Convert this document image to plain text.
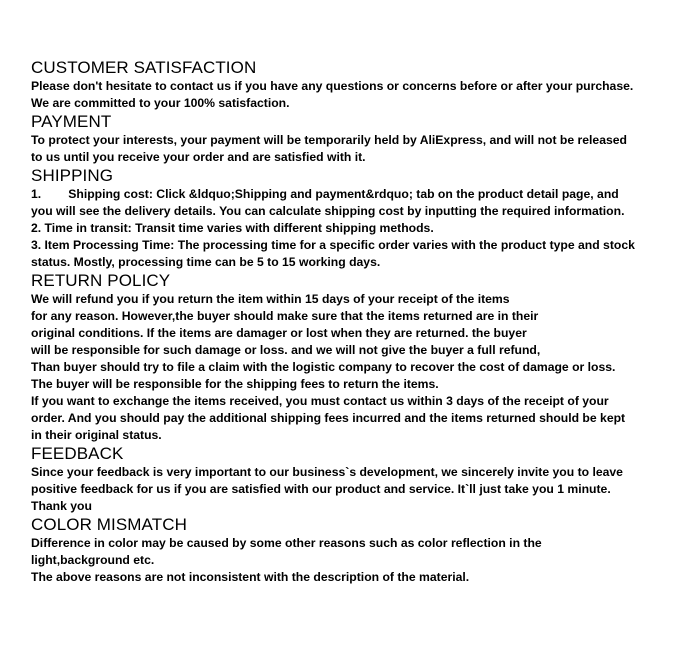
CUSTOMER SATISFACTION
Please don't hesitate to contact us if you have any questions or concerns before or after your purchase.
We are committed to your 100% satisfaction.
PAYMENT
To protect your interests, your payment will be temporarily held by AliExpress, and will not be released
to us until you receive your order and are satisfied with it.
SHIPPING
1.        Shipping cost: Click &ldquo;Shipping and payment&rdquo; tab on the product detail page, and
you will see the delivery details. You can calculate shipping cost by inputting the required information.
2. Time in transit: Transit time varies with different shipping methods.
3. Item Processing Time: The processing time for a specific order varies with the product type and stock
status. Mostly, processing time can be 5 to 15 working days.
RETURN POLICY
We will refund you if you return the item within 15 days of your receipt of the items
for any reason. However,the buyer should make sure that the items returned are in their
original conditions. If the items are damager or lost when they are returned. the buyer
will be responsible for such damage or loss. and we will not give the buyer a full refund,
Than buyer should try to file a claim with the logistic company to recover the cost of damage or loss.
The buyer will be responsible for the shipping fees to return the items.
If you want to exchange the items received, you must contact us within 3 days of the receipt of your
order. And you should pay the additional shipping fees incurred and the items returned should be kept
in their original status.
FEEDBACK
Since your feedback is very important to our business`s development, we sincerely invite you to leave
positive feedback for us if you are satisfied with our product and service. It`ll just take you 1 minute.
Thank you
COLOR MISMATCH
Difference in color may be caused by some other reasons such as color reflection in the
light,background etc.
The above reasons are not inconsistent with the description of the material.
